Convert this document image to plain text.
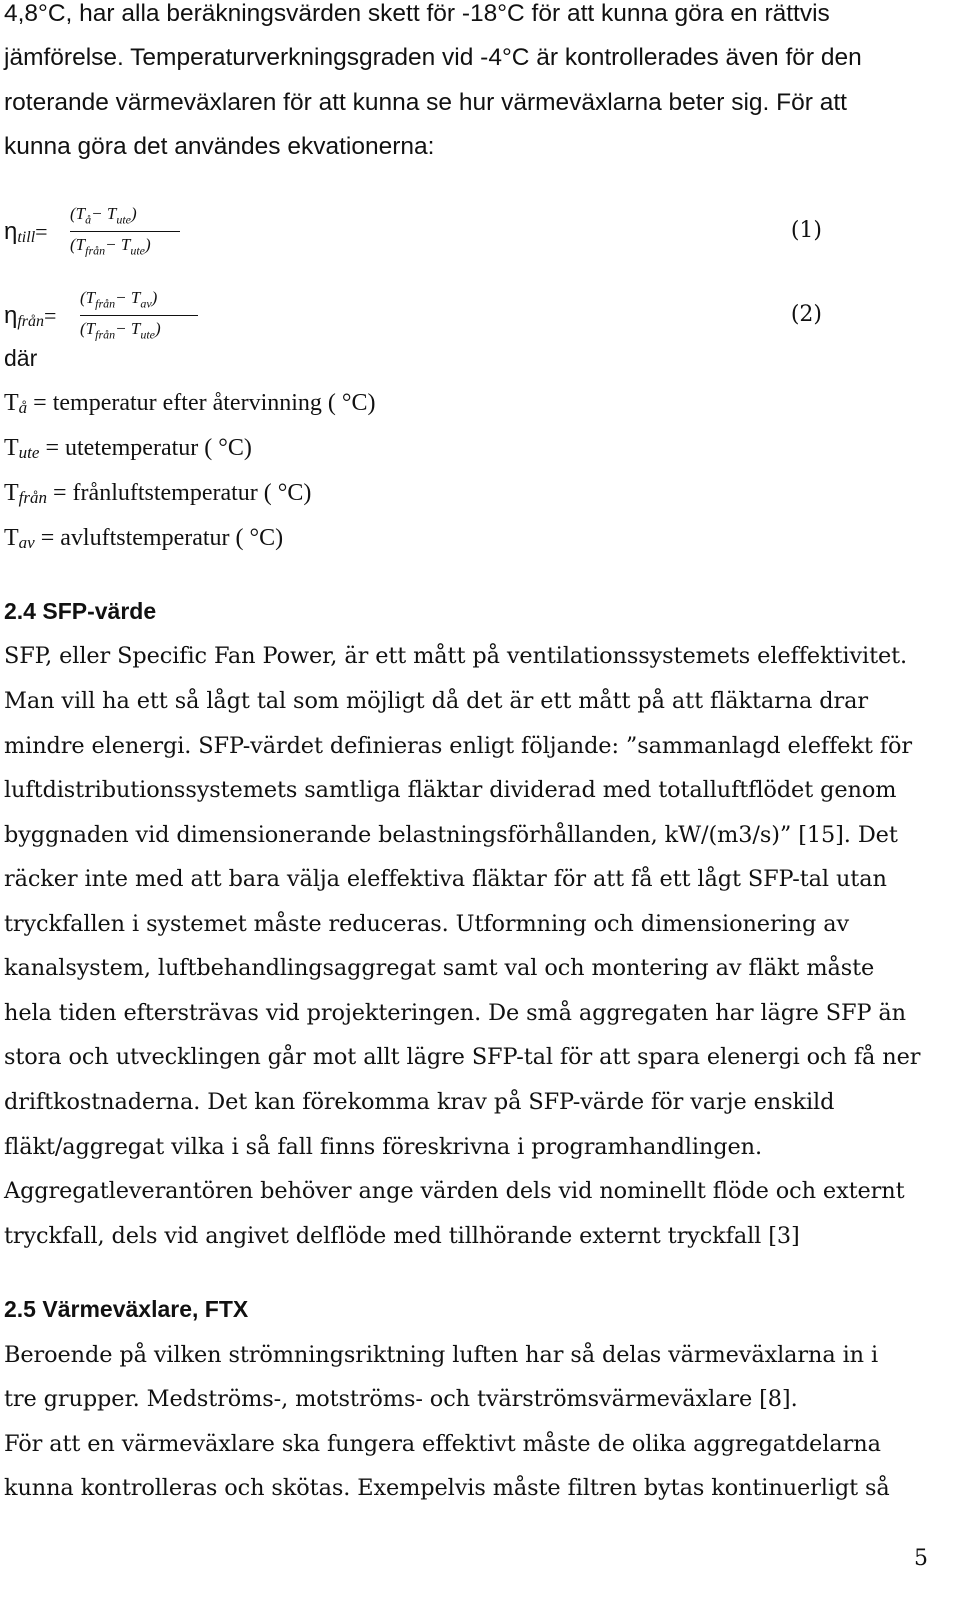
4,8°C, har alla beräkningsvärden skett för -18°C för att kunna göra en rättvis
jämförelse. Temperaturverkningsgraden vid -4°C är kontrollerades även för den
roterande värmeväxlaren för att kunna se hur värmeväxlarna beter sig. För att
kunna göra det användes ekvationerna:
$\eta_{till}=$
$(T_å- T_{ute})$
$(T_{från}- T_{ute})$
(1)
$\eta_{från}=$
$(T_{från}- T_{av})$
$(T_{från}- T_{ute})$
(2)
där
$T_å$ = temperatur efter återvinning ( °C)
$T_{ute}$ = utetemperatur ( °C)
$T_{från}$ = frånluftstemperatur ( °C)
$T_{av}$ = avluftstemperatur ( °C)
2.4 SFP-värde
SFP, eller Specific Fan Power, är ett mått på ventilationssystemets eleffektivitet.
Man vill ha ett så lågt tal som möjligt då det är ett mått på att fläktarna drar
mindre elenergi. SFP-värdet definieras enligt följande: ”sammanlagd eleffekt för
luftdistributionssystemets samtliga fläktar dividerad med totalluftflödet genom
byggnaden vid dimensionerande belastningsförhållanden, kW/(m3/s)” [15]. Det
räcker inte med att bara välja eleffektiva fläktar för att få ett lågt SFP-tal utan
tryckfallen i systemet måste reduceras. Utformning och dimensionering av
kanalsystem, luftbehandlingsaggregat samt val och montering av fläkt måste
hela tiden eftersträvas vid projekteringen. De små aggregaten har lägre SFP än
stora och utvecklingen går mot allt lägre SFP-tal för att spara elenergi och få ner
driftkostnaderna. Det kan förekomma krav på SFP-värde för varje enskild
fläkt/aggregat vilka i så fall finns föreskrivna i programhandlingen.
Aggregatleverantören behöver ange värden dels vid nominellt flöde och externt
tryckfall, dels vid angivet delflöde med tillhörande externt tryckfall [3]
2.5 Värmeväxlare, FTX
Beroende på vilken strömningsriktning luften har så delas värmeväxlarna in i
tre grupper. Medströms-, motströms- och tvärströmsvärmeväxlare [8].
För att en värmeväxlare ska fungera effektivt måste de olika aggregatdelarna
kunna kontrolleras och skötas. Exempelvis måste filtren bytas kontinuerligt så
5
